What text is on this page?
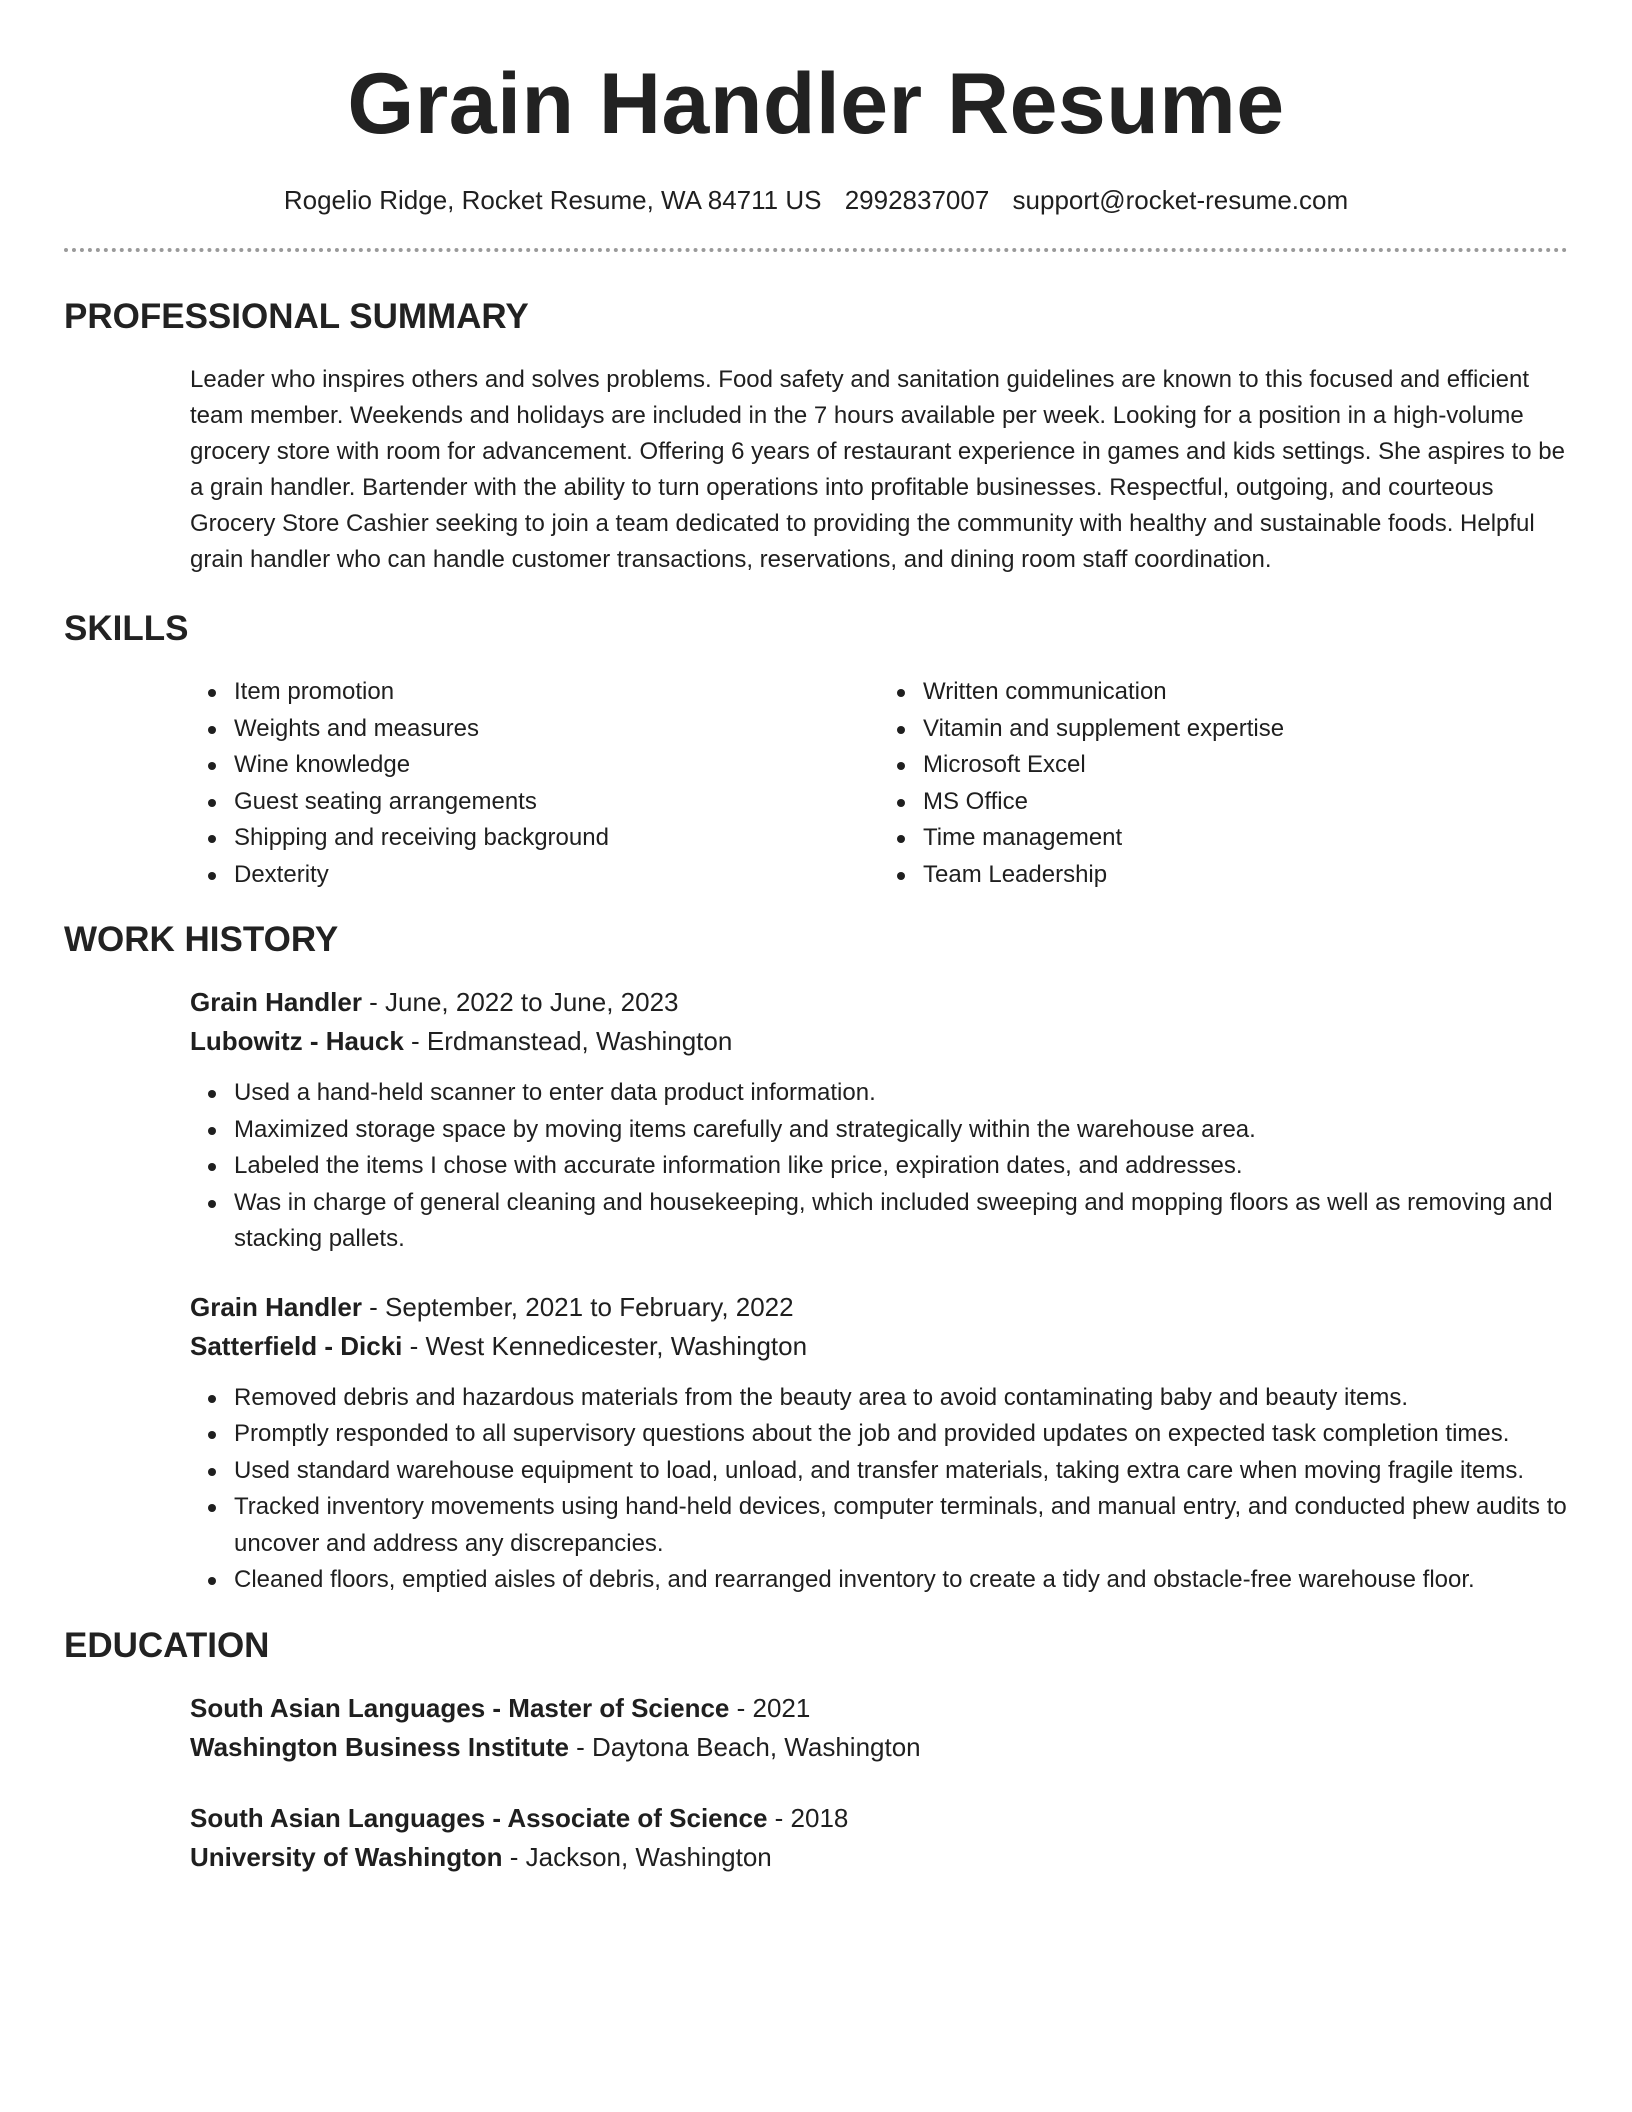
Grain Handler Resume
Rogelio Ridge, Rocket Resume, WA 84711 US 2992837007 support@rocket-resume.com
PROFESSIONAL SUMMARY

Leader who inspires others and solves problems. Food safety and sanitation guidelines are known to this focused and efficient team member. Weekends and holidays are included in the 7 hours available per week. Looking for a position in a high-volume grocery store with room for advancement. Offering 6 years of restaurant experience in games and kids settings. She aspires to be a grain handler. Bartender with the ability to turn operations into profitable businesses. Respectful, outgoing, and courteous Grocery Store Cashier seeking to join a team dedicated to providing the community with healthy and sustainable foods. Helpful grain handler who can handle customer transactions, reservations, and dining room staff coordination.

SKILLS
Item promotion
Weights and measures
Wine knowledge
Guest seating arrangements
Shipping and receiving background
Dexterity
Written communication
Vitamin and supplement expertise
Microsoft Excel
MS Office
Time management
Team Leadership
WORK HISTORY
Grain Handler - June, 2022 to June, 2023
Lubowitz - Hauck - Erdmanstead, Washington
Used a hand-held scanner to enter data product information.
Maximized storage space by moving items carefully and strategically within the warehouse area.
Labeled the items I chose with accurate information like price, expiration dates, and addresses.
Was in charge of general cleaning and housekeeping, which included sweeping and mopping floors as well as removing and stacking pallets.
Grain Handler - September, 2021 to February, 2022
Satterfield - Dicki - West Kennedicester, Washington
Removed debris and hazardous materials from the beauty area to avoid contaminating baby and beauty items.
Promptly responded to all supervisory questions about the job and provided updates on expected task completion times.
Used standard warehouse equipment to load, unload, and transfer materials, taking extra care when moving fragile items.
Tracked inventory movements using hand-held devices, computer terminals, and manual entry, and conducted phew audits to uncover and address any discrepancies.
Cleaned floors, emptied aisles of debris, and rearranged inventory to create a tidy and obstacle-free warehouse floor.
EDUCATION
South Asian Languages - Master of Science - 2021
Washington Business Institute - Daytona Beach, Washington
South Asian Languages - Associate of Science - 2018
University of Washington - Jackson, Washington
